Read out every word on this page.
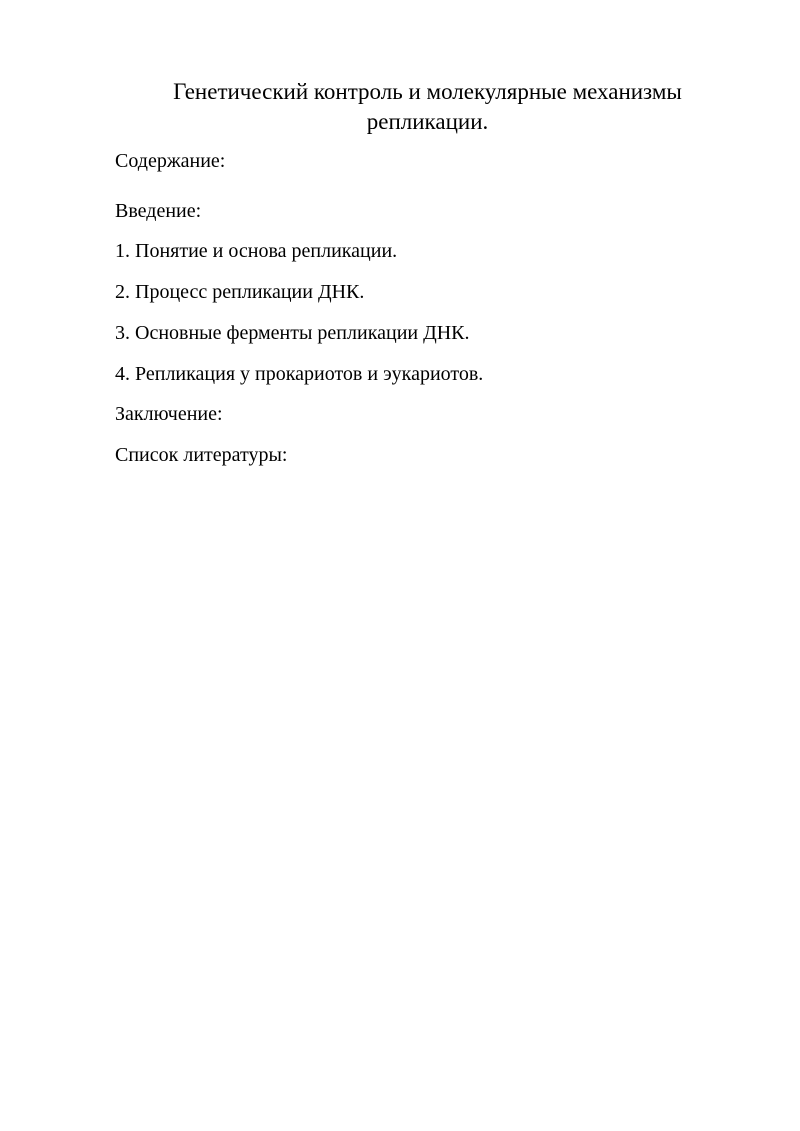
Генетический контроль и молекулярные механизмы репликации.

Содержание:

Введение:

1. Понятие и основа репликации.

2. Процесс репликации ДНК.

3. Основные ферменты репликации ДНК.

4. Репликация у прокариотов и эукариотов.

Заключение:

Список литературы:
